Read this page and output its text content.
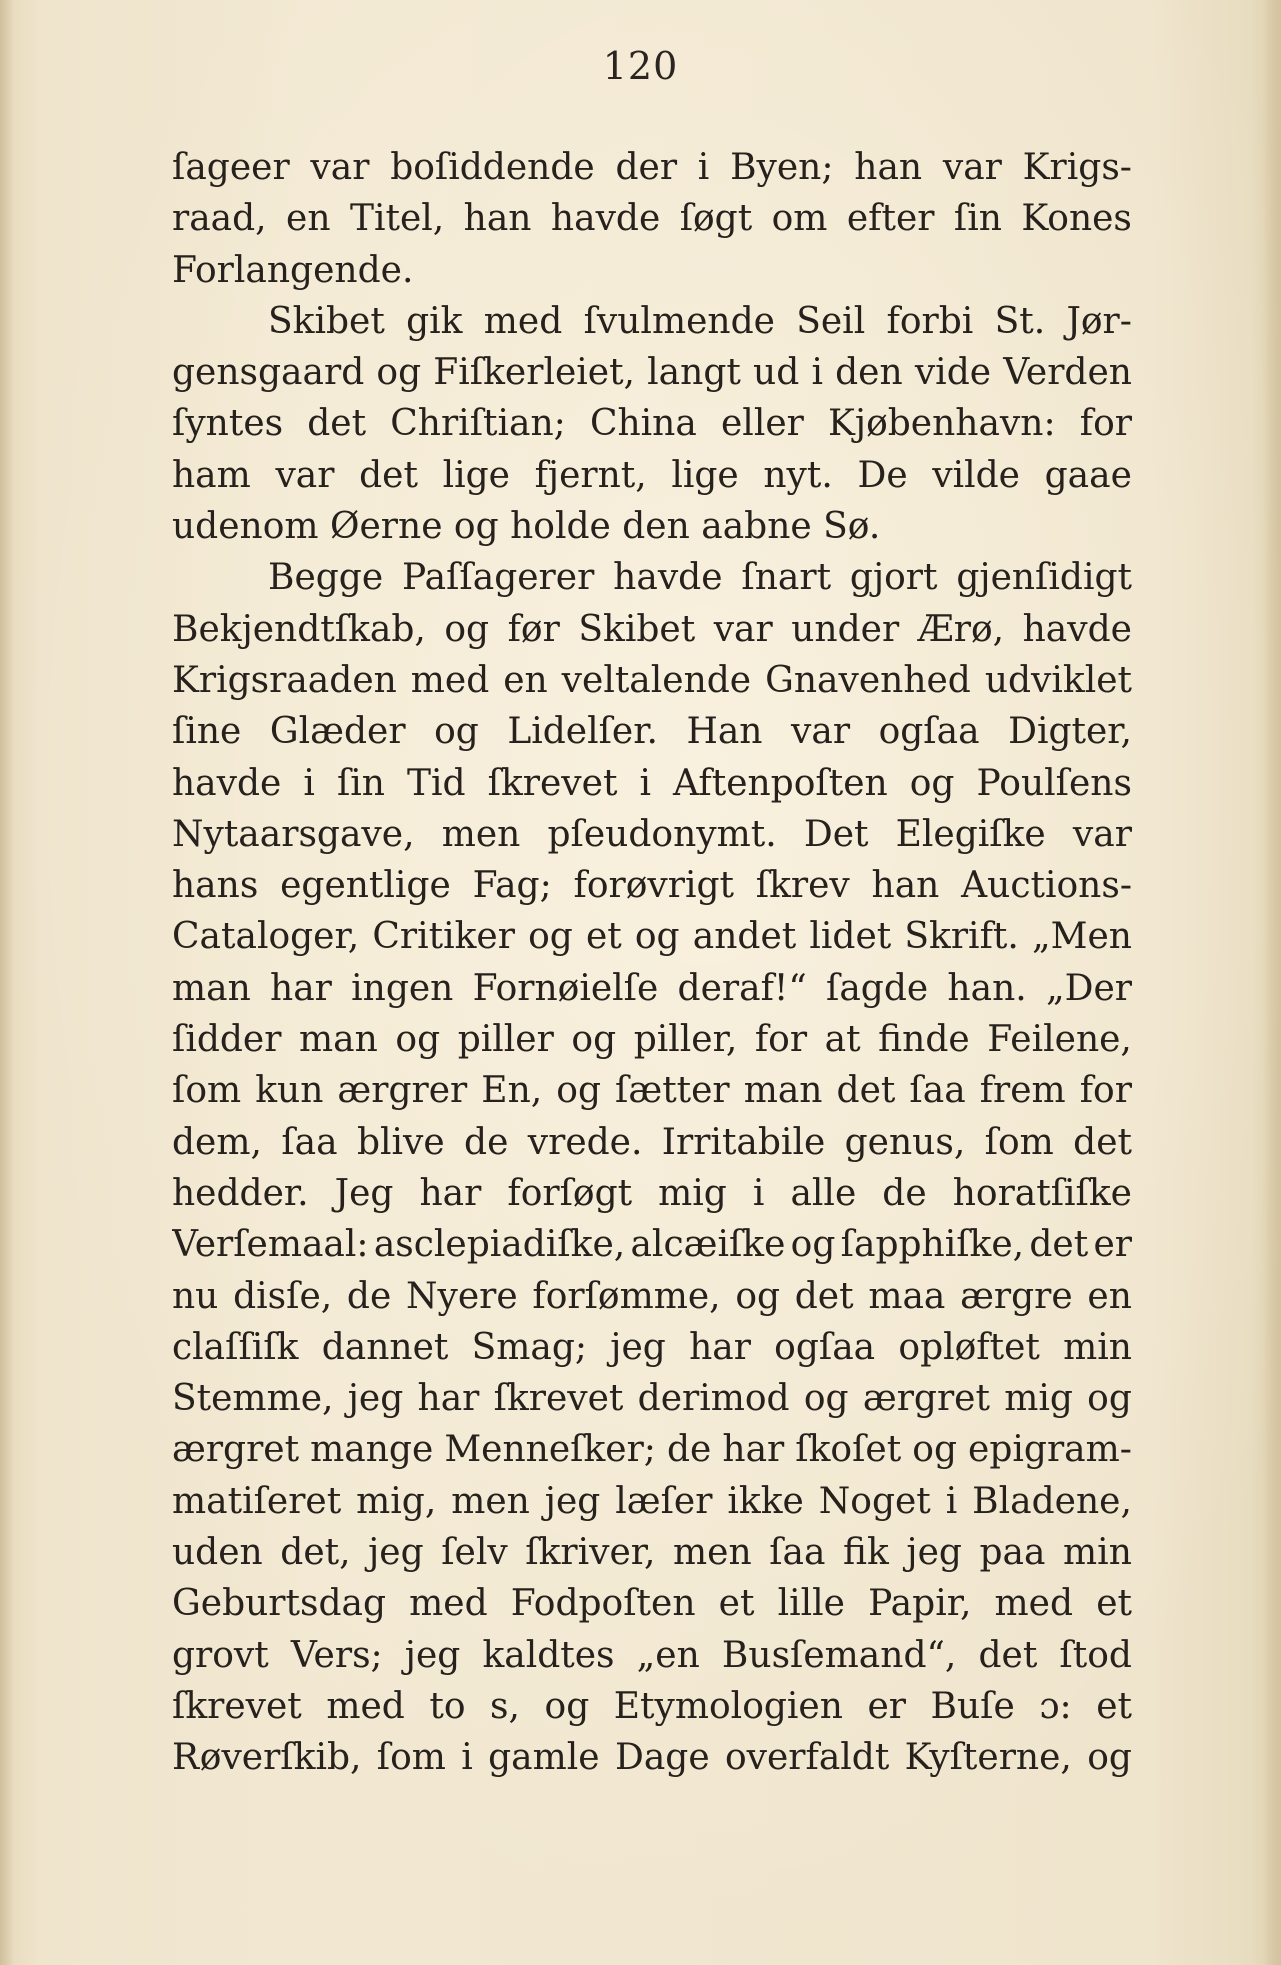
120
ſageer var boſiddende der i Byen; han var Krigs-
raad, en Titel, han havde ſøgt om efter ſin Kones
Forlangende.
Skibet gik med ſvulmende Seil forbi St. Jør-
gensgaard og Fiſkerleiet, langt ud i den vide Verden
ſyntes det Chriſtian; China eller Kjøbenhavn: for
ham var det lige fjernt, lige nyt. De vilde gaae
udenom Øerne og holde den aabne Sø.
Begge Paſſagerer havde ſnart gjort gjenſidigt
Bekjendtſkab, og før Skibet var under Ærø, havde
Krigsraaden med en veltalende Gnavenhed udviklet
ſine Glæder og Lidelſer. Han var ogſaa Digter,
havde i ſin Tid ſkrevet i Aftenpoſten og Poulſens
Nytaarsgave, men pſeudonymt. Det Elegiſke var
hans egentlige Fag; forøvrigt ſkrev han Auctions-
Cataloger, Critiker og et og andet lidet Skrift. „Men
man har ingen Fornøielſe deraf!“ ſagde han. „Der
ſidder man og piller og piller, for at finde Feilene,
ſom kun ærgrer En, og ſætter man det ſaa frem for
dem, ſaa blive de vrede. Irritabile genus, ſom det
hedder. Jeg har forſøgt mig i alle de horatſiſke
Verſemaal: asclepiadiſke, alcæiſke og ſapphiſke, det er
nu disſe, de Nyere forſømme, og det maa ærgre en
claſſiſk dannet Smag; jeg har ogſaa opløftet min
Stemme, jeg har ſkrevet derimod og ærgret mig og
ærgret mange Menneſker; de har ſkoſet og epigram-
matiſeret mig, men jeg læſer ikke Noget i Bladene,
uden det, jeg ſelv ſkriver, men ſaa fik jeg paa min
Geburtsdag med Fodpoſten et lille Papir, med et
grovt Vers; jeg kaldtes „en Busſemand“, det ſtod
ſkrevet med to s, og Etymologien er Buſe ɔ: et
Røverſkib, ſom i gamle Dage overfaldt Kyſterne, og
